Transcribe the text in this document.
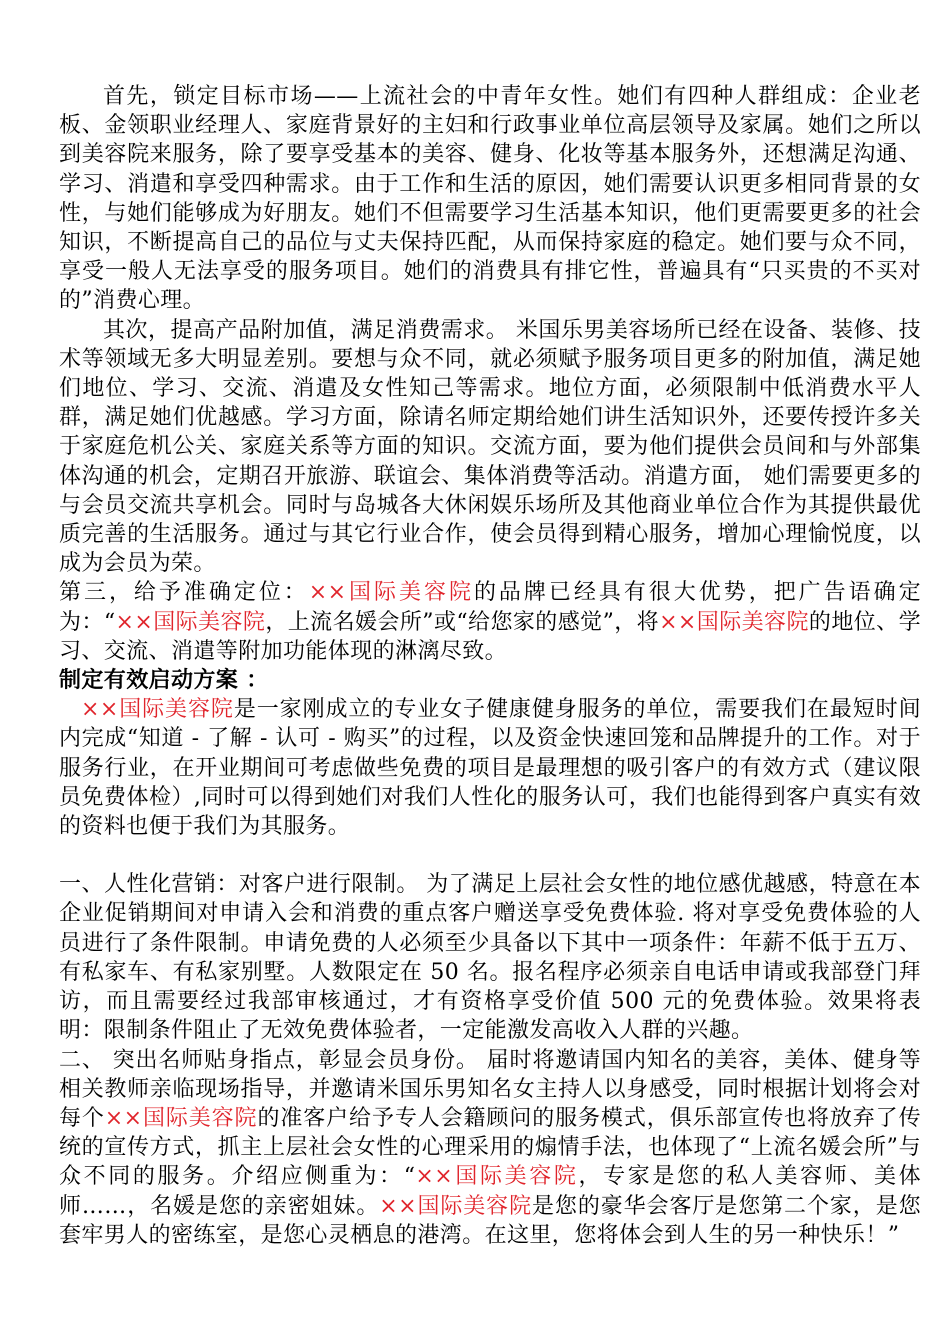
首先，锁定目标市场——上流社会的中青年女性。她们有四种人群组成：企业老板、金领职业经理人、家庭背景好的主妇和行政事业单位高层领导及家属。她们之所以到美容院来服务，除了要享受基本的美容、健身、化妆等基本服务外，还想满足沟通、学习、消遣和享受四种需求。由于工作和生活的原因，她们需要认识更多相同背景的女性，与她们能够成为好朋友。她们不但需要学习生活基本知识，他们更需要更多的社会知识，不断提高自己的品位与丈夫保持匹配，从而保持家庭的稳定。她们要与众不同，享受一般人无法享受的服务项目。她们的消费具有排它性，普遍具有“只买贵的不买对的”消费心理。

其次，提高产品附加值，满足消费需求。 米国乐男美容场所已经在设备、装修、技术等领域无多大明显差别。要想与众不同，就必须赋予服务项目更多的附加值，满足她们地位、学习、交流、消遣及女性知己等需求。地位方面，必须限制中低消费水平人群，满足她们优越感。学习方面，除请名师定期给她们讲生活知识外，还要传授许多关于家庭危机公关、家庭关系等方面的知识。交流方面，要为他们提供会员间和与外部集体沟通的机会，定期召开旅游、联谊会、集体消费等活动。消遣方面， 她们需要更多的与会员交流共享机会。同时与岛城各大休闲娱乐场所及其他商业单位合作为其提供最优质完善的生活服务。通过与其它行业合作，使会员得到精心服务，增加心理愉悦度，以成为会员为荣。

第三，给予准确定位：××国际美容院的品牌已经具有很大优势，把广告语确定为：“××国际美容院，上流名媛会所”或“给您家的感觉”，将××国际美容院的地位、学习、交流、消遣等附加功能体现的淋漓尽致。

制定有效启动方案 ：

××国际美容院是一家刚成立的专业女子健康健身服务的单位，需要我们在最短时间内完成“知道 - 了解 - 认可 - 购买”的过程，以及资金快速回笼和品牌提升的工作。对于服务行业，在开业期间可考虑做些免费的项目是最理想的吸引客户的有效方式（建议限员免费体检）,同时可以得到她们对我们人性化的服务认可，我们也能得到客户真实有效的资料也便于我们为其服务。

一、人性化营销：对客户进行限制。 为了满足上层社会女性的地位感优越感，特意在本企业促销期间对申请入会和消费的重点客户赠送享受免费体验. 将对享受免费体验的人员进行了条件限制。申请免费的人必须至少具备以下其中一项条件：年薪不低于五万、有私家车、有私家别墅。人数限定在 50 名。报名程序必须亲自电话申请或我部登门拜访，而且需要经过我部审核通过，才有资格享受价值 500 元的免费体验。效果将表明：限制条件阻止了无效免费体验者，一定能激发高收入人群的兴趣。

二、 突出名师贴身指点，彰显会员身份。 届时将邀请国内知名的美容，美体、健身等相关教师亲临现场指导，并邀请米国乐男知名女主持人以身感受，同时根据计划将会对每个××国际美容院的准客户给予专人会籍顾问的服务模式，俱乐部宣传也将放弃了传统的宣传方式，抓主上层社会女性的心理采用的煽情手法，也体现了“上流名媛会所”与众不同的服务。介绍应侧重为：“××国际美容院，专家是您的私人美容师、美体师……，名媛是您的亲密姐妹。××国际美容院是您的豪华会客厅是您第二个家，是您套牢男人的密练室，是您心灵栖息的港湾。在这里，您将体会到人生的另一种快乐！”
